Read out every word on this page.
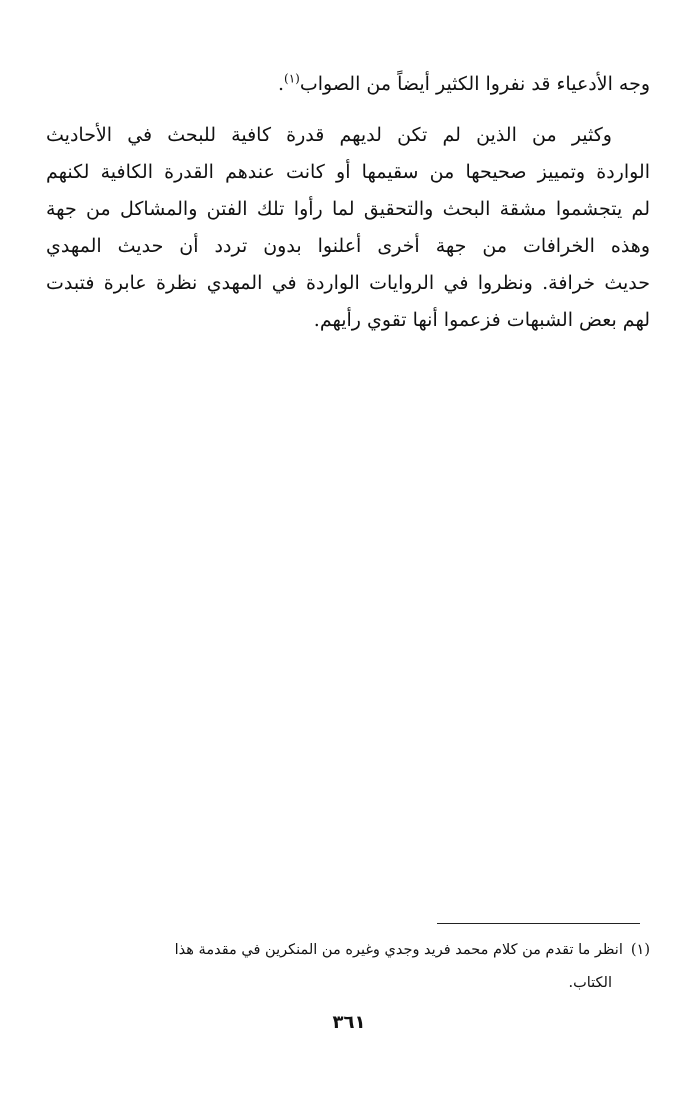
وجه الأدعياء قد نفروا الكثير أيضاً من الصواب$^{(١)}$.
وكثير من الذين لم تكن لديهم قدرة كافية للبحث في الأحاديث
الواردة وتمييز صحيحها من سقيمها أو كانت عندهم القدرة الكافية لكنهم
لم يتجشموا مشقة البحث والتحقيق لما رأوا تلك الفتن والمشاكل من جهة
وهذه الخرافات من جهة أخرى أعلنوا بدون تردد أن حديث المهدي
حديث خرافة. ونظروا في الروايات الواردة في المهدي نظرة عابرة فتبدت
لهم بعض الشبهات فزعموا أنها تقوي رأيهم.
(١)انظر ما تقدم من كلام محمد فريد وجدي وغيره من المنكرين في مقدمة هذا
الكتاب.
٣٦١
